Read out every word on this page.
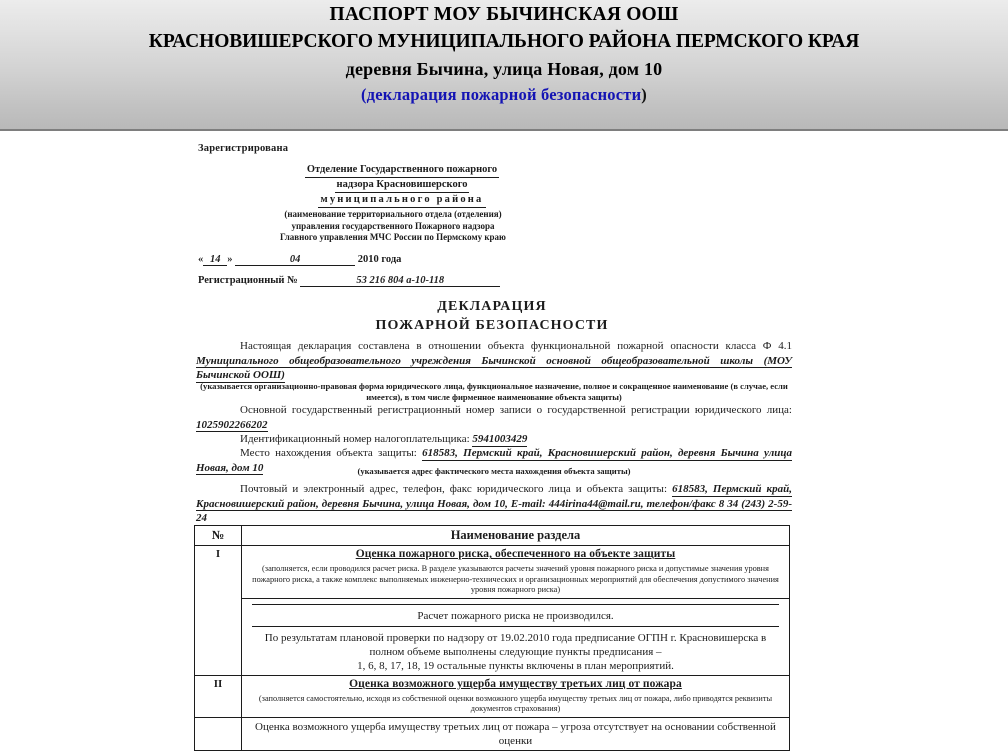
ПАСПОРТ МОУ БЫЧИНСКАЯ ООШ
КРАСНОВИШЕРСКОГО МУНИЦИПАЛЬНОГО РАЙОНА ПЕРМСКОГО КРАЯ
деревня Бычина, улица Новая, дом 10
(декларация пожарной безопасности)
Зарегистрирована
Отделение Государственного пожарного
надзора Красновишерского
муниципального района
(наименование территориального отдела (отделения)
управления государственного Пожарного надзора
Главного управления МЧС России по Пермскому краю
« 14 »	04	2010 года
Регистрационный №	53 216 804 а-10-118
ДЕКЛАРАЦИЯ
ПОЖАРНОЙ БЕЗОПАСНОСТИ
Настоящая декларация составлена в отношении объекта функциональной пожарной опасности класса Ф 4.1 Муниципального общеобразовательного учреждения Бычинской основной общеобразовательной школы (МОУ Бычинской ООШ)
(указывается организационно-правовая форма юридического лица, функциональное назначение, полное и сокращенное наименование (в случае, если имеется), в том числе фирменное наименование объекта защиты)
Основной государственный регистрационный номер записи о государственной регистрации юридического лица: 1025902266202
Идентификационный номер налогоплательщика: 5941003429
Место нахождения объекта защиты: 618583, Пермский край, Красновишерский район, деревня Бычина улица Новая, дом 10	(указывается адрес фактического места нахождения объекта защиты)
Почтовый и электронный адрес, телефон, факс юридического лица и объекта защиты: 618583, Пермский край, Красновишерский район, деревня Бычина, улица Новая, дом 10, E-mail: 444irina44@mail.ru, телефон/факс 8 34 (243) 2-59-24
№	Наименование раздела
I	Оценка пожарного риска, обеспеченного на объекте защиты
	(заполняется, если проводился расчет риска. В разделе указываются расчеты значений уровня пожарного риска и допустимые значения уровня пожарного риска, а также комплекс выполняемых инженерно-технических и организационных мероприятий для обеспечения допустимого значения уровня пожарного риска)

	Расчет пожарного риска не производился.
По результатам плановой проверки по надзору от 19.02.2010 года предписание ОГПН г. Красновишерска в полном объеме выполнены следующие пункты предписания –
1, 6, 8, 17, 18, 19 остальные пункты включены в план мероприятий.

II	Оценка возможного ущерба имуществу третьих лиц от пожара
	(заполняется самостоятельно, исходя из собственной оценки возможного ущерба имуществу третьих лиц от пожара, либо приводятся реквизиты документов страхования)
	Оценка возможного ущерба имуществу третьих лиц от пожара – угроза отсутствует на основании собственной оценки
